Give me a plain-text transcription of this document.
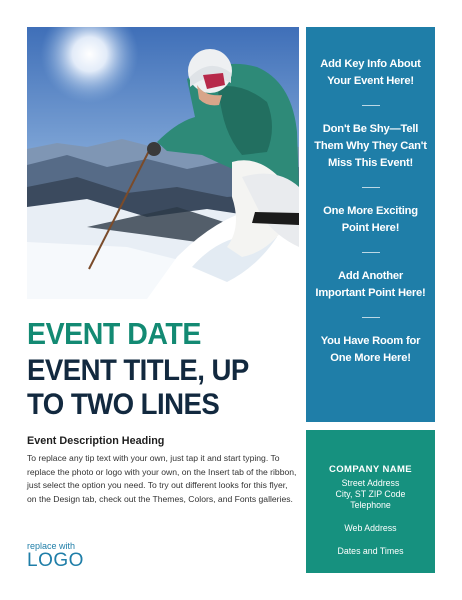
Add Key Info About Your Event Here!
Don't Be Shy—Tell Them Why They Can't Miss This Event!
One More Exciting Point Here!
Add Another Important Point Here!
You Have Room for One More Here!
COMPANY NAME
Street Address
City, ST ZIP Code
Telephone
Web Address
Dates and Times
EVENT DATE
EVENT TITLE, UP TO TWO LINES
Event Description Heading
To replace any tip text with your own, just tap it and start typing. To replace the photo or logo with your own, on the Insert tab of the ribbon, just select the option you need. To try out different looks for this flyer, on the Design tab, check out the Themes, Colors, and Fonts galleries.
replace with
LOGO
